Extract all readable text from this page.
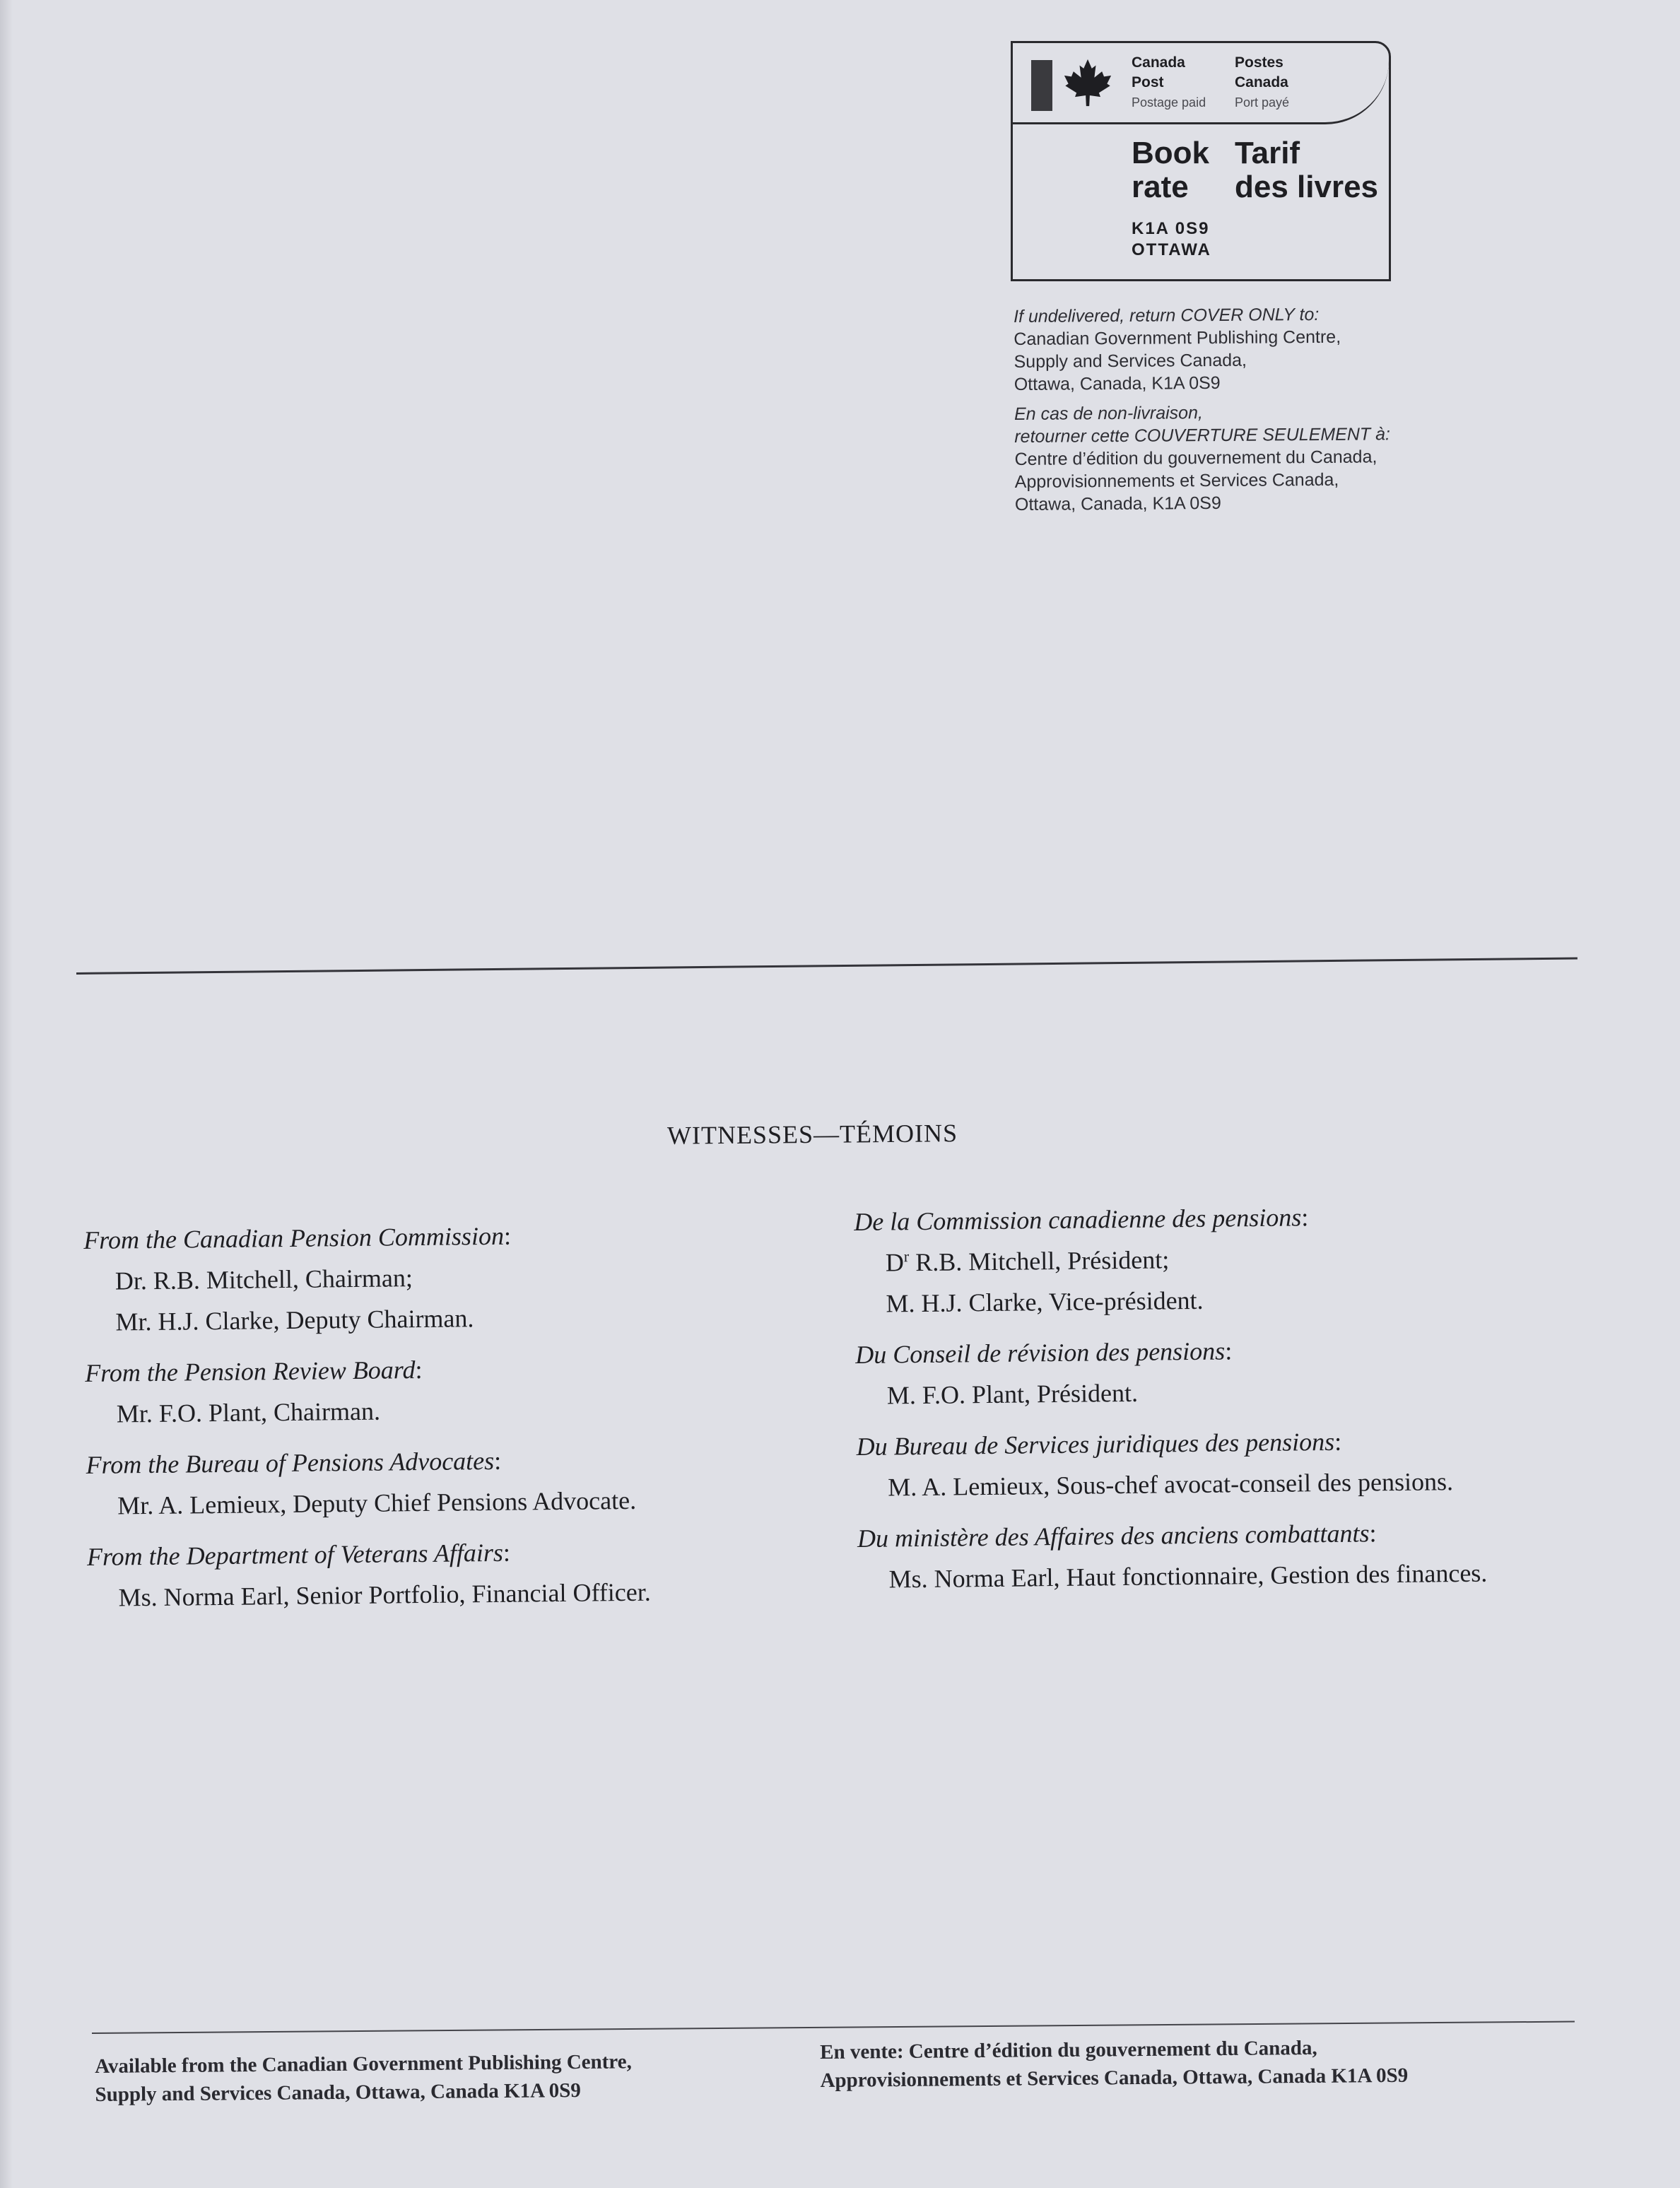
Canada
Post
Postage paid
Postes
Canada
Port payé
Book
rate
Tarif
des livres
K1A 0S9
OTTAWA

If undelivered, return COVER ONLY to:

Canadian Government Publishing Centre,

Supply and Services Canada,

Ottawa, Canada, K1A 0S9

En cas de non-livraison,

retourner cette COUVERTURE SEULEMENT à:

Centre d’édition du gouvernement du Canada,

Approvisionnements et Services Canada,

Ottawa, Canada, K1A 0S9

WITNESSES—TÉMOINS
From the Canadian Pension Commission:
Dr. R.B. Mitchell, Chairman;
Mr. H.J. Clarke, Deputy Chairman.
From the Pension Review Board:
Mr. F.O. Plant, Chairman.
From the Bureau of Pensions Advocates:
Mr. A. Lemieux, Deputy Chief Pensions Advocate.
From the Department of Veterans Affairs:
Ms. Norma Earl, Senior Portfolio, Financial Officer.
De la Commission canadienne des pensions:
$D^r$ R.B. Mitchell, Président;
M. H.J. Clarke, Vice-président.
Du Conseil de révision des pensions:
M. F.O. Plant, Président.
Du Bureau de Services juridiques des pensions:
M. A. Lemieux, Sous-chef avocat-conseil des pensions.
Du ministère des Affaires des anciens combattants:
Ms. Norma Earl, Haut fonctionnaire, Gestion des finances.

Available from the Canadian Government Publishing Centre,

Supply and Services Canada, Ottawa, Canada K1A 0S9

En vente: Centre d’édition du gouvernement du Canada,

Approvisionnements et Services Canada, Ottawa, Canada K1A 0S9
